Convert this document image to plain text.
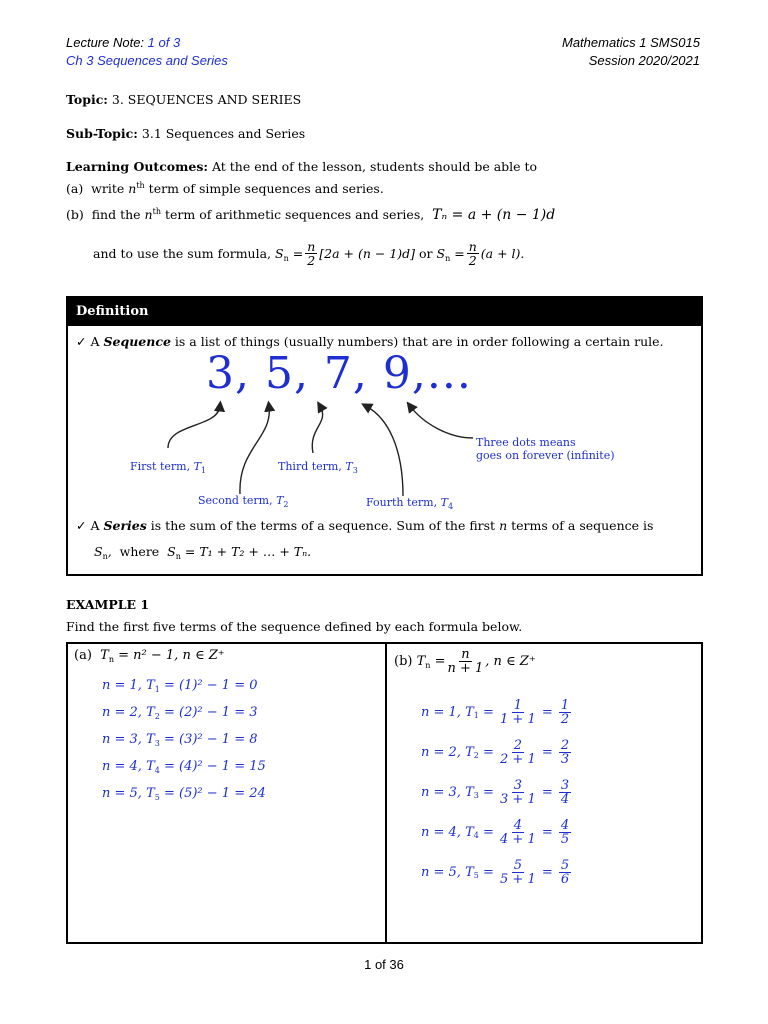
Lecture Note: 1 of 3
Ch 3 Sequences and Series
Mathematics 1 SMS015
Session 2020/2021
Topic: 3. SEQUENCES AND SERIES
Sub-Topic: 3.1 Sequences and Series
Learning Outcomes: At the end of the lesson, students should be able to
(a) write $n^{th}$ term of simple sequences and series.
(b) find the $n^{th}$ term of arithmetic sequences and series, Tₙ = a + (n − 1)d
and to use the sum formula,
$S_n = \frac{n}{2} [2a + (n - 1)d]$
or
$S_n = \frac{n}{2} (a + l)$.
Definition
✓ A Sequence is a list of things (usually numbers) that are in order following a certain rule.
3, 5, 7, 9,...
First term, $T_1$
Second term, $T_2$
Third term, $T_3$
Fourth term, $T_4$
Three dots means
goes on forever (infinite)
✓ A Series is the sum of the terms of a sequence. Sum of the first n terms of a sequence is
$S_n$, where $S_n = T_1 + T_2$ + … + Tₙ.
EXAMPLE 1
Find the first five terms of the sequence defined by each formula below.
(a) $T_n = n^2 - 1$, n ∈ Z⁺
n = 1, $T_1 = (1)^2 - 1 = 0$
n = 2, $T_2 = (2)^2 - 1 = 3$
n = 3, $T_3 = (3)^2 - 1 = 8$
n = 4, $T_4 = (4)^2 - 1 = 15$
n = 5, $T_5 = (5)^2 - 1 = 24$
(b)
$T_n = \frac{n}{n + 1}$ , n ∈ Z⁺
n = 1,
T $1 = \frac{1}{1 + 1} = \frac{1}{2}$
n = 2,
T $2 = \frac{2}{2 + 1} = \frac{2}{3}$
n = 3,
T $3 = \frac{3}{3 + 1} = \frac{3}{4}$
n = 4,
T $4 = \frac{4}{4 + 1} = \frac{4}{5}$
n = 5,
T $5 = \frac{5}{5 + 1} = \frac{5}{6}$
1 of 36
